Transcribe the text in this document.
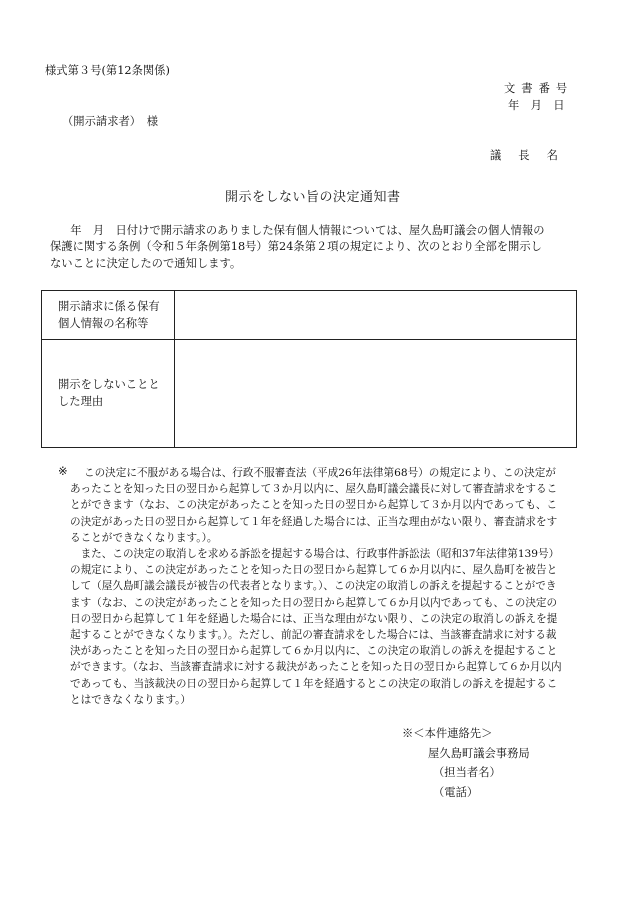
様式第３号(第12条関係)
文書番号
年　月　日
（開示請求者）　様
議長名
開示をしない旨の決定通知書
　年　月　日付けで開示請求のありました保有個人情報については、屋久島町議会の個人情報の
保護に関する条例（令和５年条例第18号）第24条第２項の規定により、次のとおり全部を開示し
ないことに決定したので通知します。
開示請求に係る保有
個人情報の名称等
開示をしないことと
した理由
※	この決定に不服がある場合は、行政不服審査法（平成26年法律第68号）の規定により、この決定が
あったことを知った日の翌日から起算して３か月以内に、屋久島町議会議長に対して審査請求をするこ
とができます（なお、この決定があったことを知った日の翌日から起算して３か月以内であっても、こ
の決定があった日の翌日から起算して１年を経過した場合には、正当な理由がない限り、審査請求をす
ることができなくなります。）。
　また、この決定の取消しを求める訴訟を提起する場合は、行政事件訴訟法（昭和37年法律第139号）
の規定により、この決定があったことを知った日の翌日から起算して６か月以内に、屋久島町を被告と
して（屋久島町議会議長が被告の代表者となります。）、この決定の取消しの訴えを提起することができ
ます（なお、この決定があったことを知った日の翌日から起算して６か月以内であっても、この決定の
日の翌日から起算して１年を経過した場合には、正当な理由がない限り、この決定の取消しの訴えを提
起することができなくなります。）。ただし、前記の審査請求をした場合には、当該審査請求に対する裁
決があったことを知った日の翌日から起算して６か月以内に、この決定の取消しの訴えを提起すること
ができます。（なお、当該審査請求に対する裁決があったことを知った日の翌日から起算して６か月以内
であっても、当該裁決の日の翌日から起算して１年を経過するとこの決定の取消しの訴えを提起するこ
とはできなくなります。）
※＜本件連絡先＞
屋久島町議会事務局
（担当者名）
（電話）
